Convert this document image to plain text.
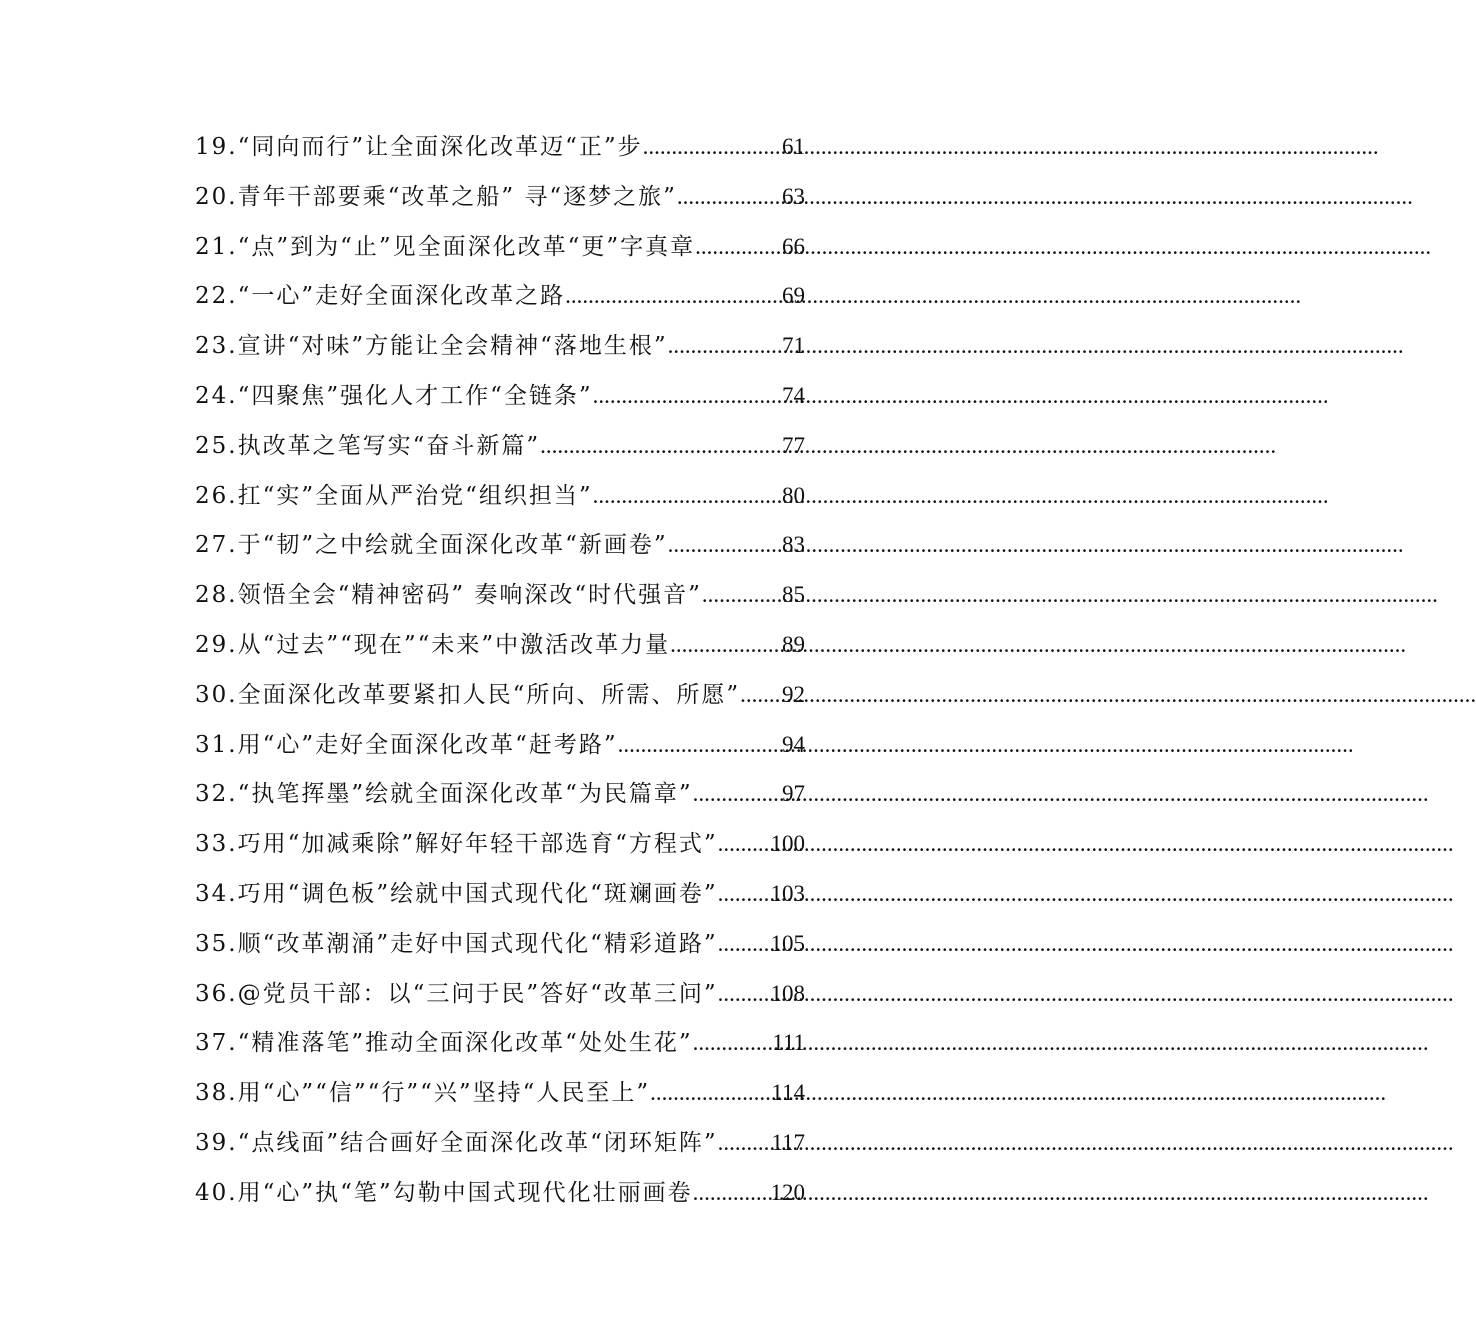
19.“同向而行”让全面深化改革迈“正”步 .....	61
20.青年干部要乘“改革之船” 寻“逐梦之旅” .....	63
21.“点”到为“止”见全面深化改革“更”字真章 .....	66
22.“一心”走好全面深化改革之路 .....	69
23.宣讲“对味”方能让全会精神“落地生根” .....	71
24.“四聚焦”强化人才工作“全链条” .....	74
25.执改革之笔写实“奋斗新篇” .....	77
26.扛“实”全面从严治党“组织担当” .....	80
27.于“韧”之中绘就全面深化改革“新画卷” .....	83
28.领悟全会“精神密码” 奏响深改“时代强音” .....	85
29.从“过去”“现在”“未来”中激活改革力量 .....	89
30.全面深化改革要紧扣人民“所向、所需、所愿” ..... 92
31.用“心”走好全面深化改革“赶考路” .....	94
32.“执笔挥墨”绘就全面深化改革“为民篇章” .....	97
33.巧用“加减乘除”解好年轻干部选育“方程式” ..... 100
34.巧用“调色板”绘就中国式现代化“斑斓画卷” ..... 103
35.顺“改革潮涌”走好中国式现代化“精彩道路” ..... 105
36.@党员干部：以“三问于民”答好“改革三问” ..... 108
37.“精准落笔”推动全面深化改革“处处生花” .....	111
38.用“心”“信”“行”“兴”坚持“人民至上” .....	114
39.“点线面”结合画好全面深化改革“闭环矩阵” ..... 117
40.用“心”执“笔”勾勒中国式现代化壮丽画卷 .....	120
